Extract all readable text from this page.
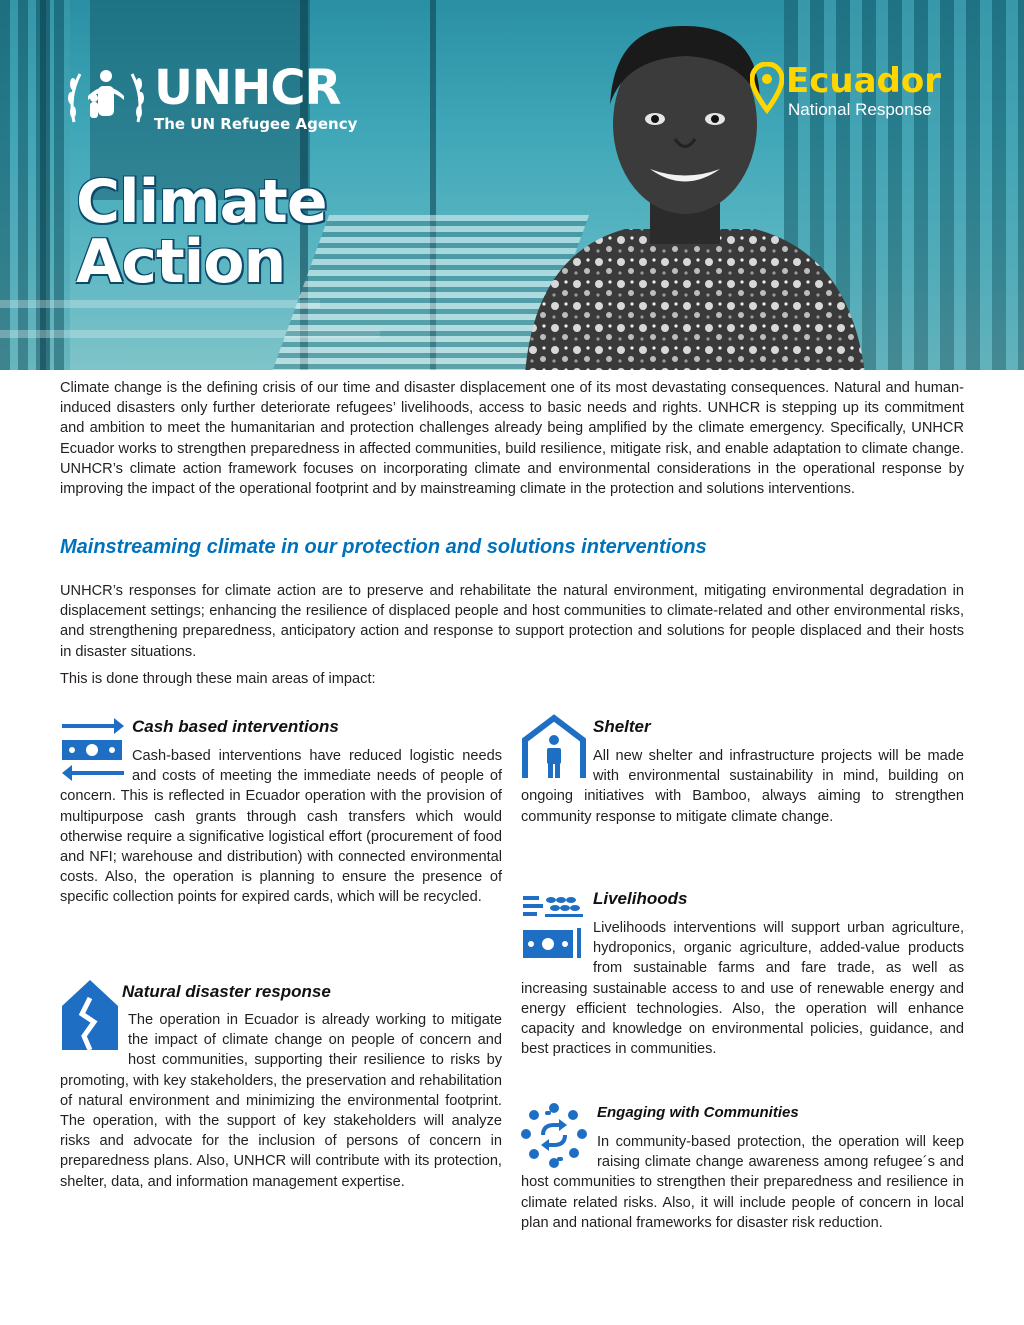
UNHCR
The UN Refugee Agency
Climate
Action
Ecuador
National Response

Climate change is the defining crisis of our time and disaster displacement one of its most devastating consequences. Natural and human-induced disasters only further deteriorate refugees’ livelihoods, access to basic needs and rights. UNHCR is stepping up its commitment and ambition to meet the humanitarian and protection challenges already being amplified by the climate emergency. Specifically, UNHCR Ecuador works to strengthen preparedness in affected communities, build resilience, mitigate risk, and enable adaptation to climate change. UNHCR’s climate action framework focuses on incorporating climate and environmental considerations in the operational response by improving the impact of the operational footprint and by mainstreaming climate in the protection and solutions interventions.

Mainstreaming climate in our protection and solutions interventions

UNHCR’s responses for climate action are to preserve and rehabilitate the natural environment, mitigating environmental degradation in displacement settings; enhancing the resilience of displaced people and host communities to climate-related and other environmental risks, and strengthening preparedness, anticipatory action and response to support protection and solutions for people displaced and their hosts in disaster situations.

This is done through these main areas of impact:

Cash based interventions
Cash-based interventions have reduced logistic needs and costs of meeting the immediate needs of people of concern. This is reflected in Ecuador operation with the provision of multipurpose cash grants through cash transfers which would otherwise require a significative logistical effort (procurement of food and NFI; warehouse and distribution) with connected environmental costs. Also, the operation is planning to ensure the presence of specific collection points for expired cards, which will be recycled.
Natural disaster response
The operation in Ecuador is already working to mitigate the impact of climate change on people of concern and host communities, supporting their resilience to risks by promoting, with key stakeholders, the preservation and rehabilitation of natural environment and minimizing the environmental footprint. The operation, with the support of key stakeholders will analyze risks and advocate for the inclusion of persons of concern in preparedness plans. Also, UNHCR will contribute with its protection, shelter, data, and information management expertise.
Shelter
All new shelter and infrastructure projects will be made with environmental sustainability in mind, building on ongoing initiatives with Bamboo, always aiming to strengthen community response to mitigate climate change.
Livelihoods
Livelihoods interventions will support urban agriculture, hydroponics, organic agriculture, added-value products from sustainable farms and fare trade, as well as increasing sustainable access to and use of renewable energy and energy efficient technologies. Also, the operation will enhance capacity and knowledge on environmental policies, guidance, and best practices in communities.
Engaging with Communities
In community-based protection, the operation will keep raising climate change awareness among refugee´s and host communities to strengthen their preparedness and resilience in climate related risks. Also, it will include people of concern in local plan and national frameworks for disaster risk reduction.
